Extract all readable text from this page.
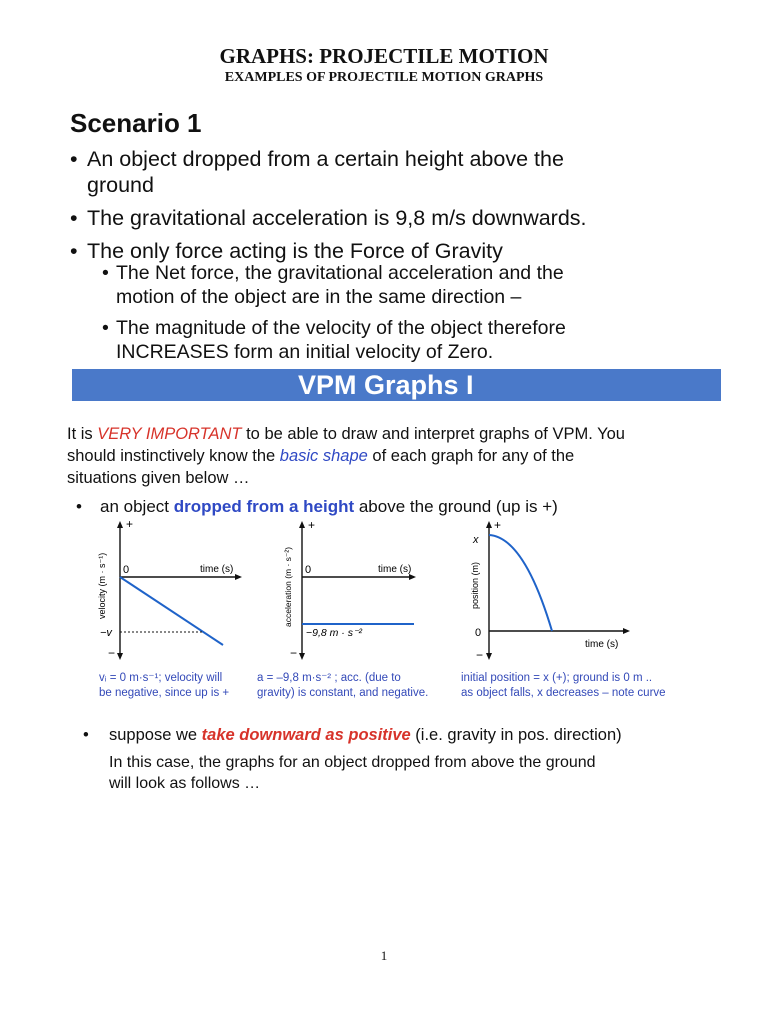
GRAPHS: PROJECTILE MOTION
EXAMPLES OF PROJECTILE MOTION GRAPHS
Scenario 1
• An object dropped from a certain height above the
ground
• The gravitational acceleration is 9,8 m/s downwards.
• The only force acting is the Force of Gravity
• The Net force, the gravitational acceleration and the
motion of the object are in the same direction –
• The magnitude of the velocity of the object therefore
INCREASES form an initial velocity of Zero.
VPM Graphs I
It is VERY IMPORTANT to be able to draw and interpret graphs of VPM. You
should instinctively know the basic shape of each graph for any of the
situations given below …
• an object dropped from a height above the ground (up is +)
+
−
0	time (s)
velocity (m · s⁻¹)
−v
+
−
0	time (s)
acceleration (m · s⁻²)
−9,8 m · s⁻²
+
−
0
x
time (s)
position (m)
vᵢ = 0 m·s⁻¹; velocity will
be negative, since up is +
a = –9,8 m·s⁻² ; acc. (due to
gravity) is constant, and negative.
initial position = x (+); ground is 0 m ..
as object falls, x decreases – note curve
• suppose we take downward as positive (i.e. gravity in pos. direction)
In this case, the graphs for an object dropped from above the ground
will look as follows …
1
